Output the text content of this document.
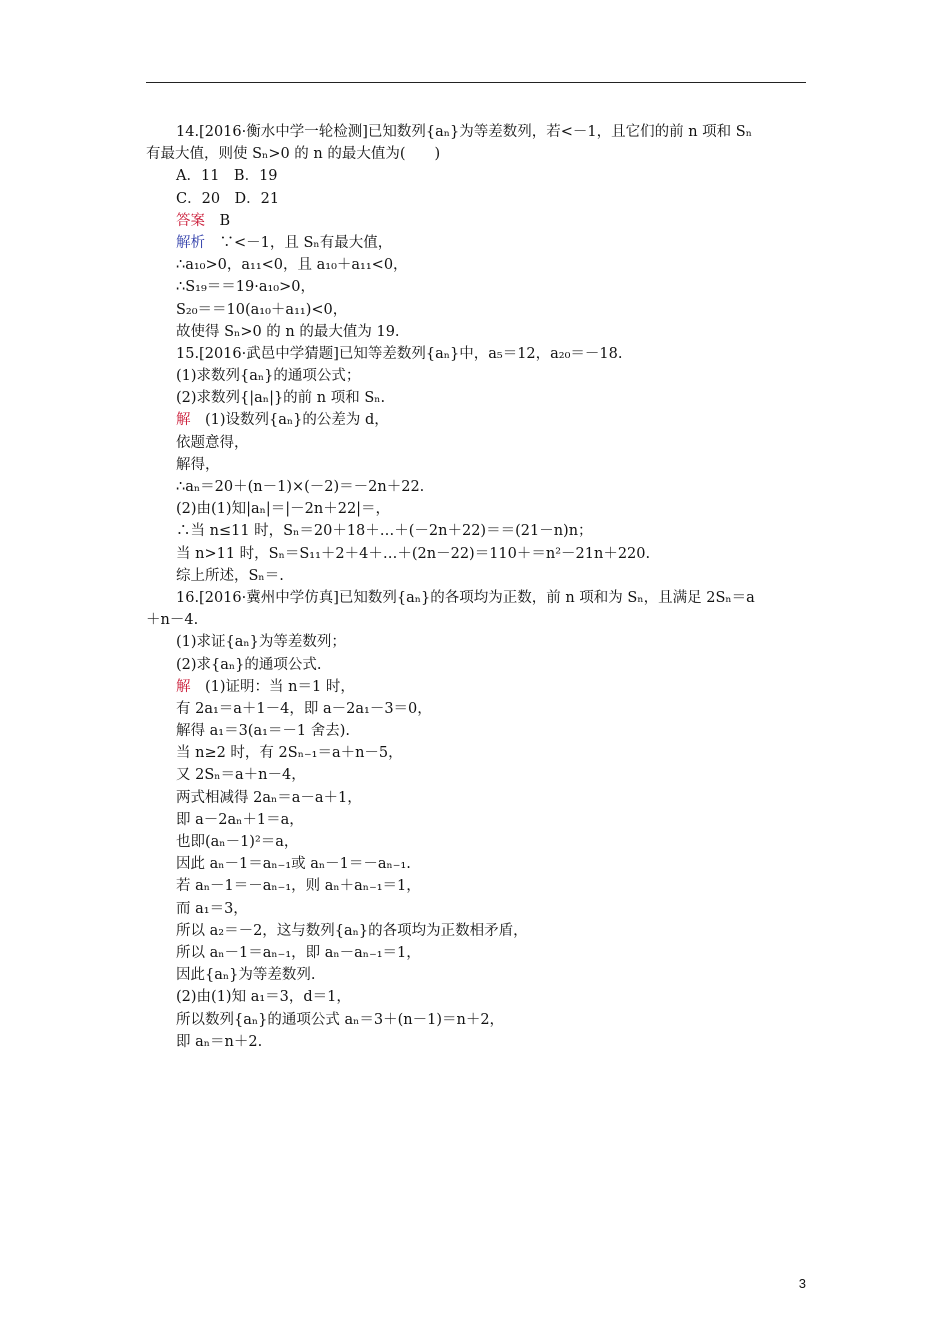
14.[2016·衡水中学一轮检测]已知数列{aₙ}为等差数列，若<－1，且它们的前 n 项和 Sₙ
有最大值，则使 Sₙ>0 的 n 的最大值为(　　)
A．11　B．19
C．20　D．21
答案　 B
解析　 ∵<－1，且 Sₙ有最大值，
∴a₁₀>0，a₁₁<0，且 a₁₀＋a₁₁<0，
∴S₁₉＝＝19·a₁₀>0，
S₂₀＝＝10(a₁₀＋a₁₁)<0，
故使得 Sₙ>0 的 n 的最大值为 19.
15.[2016·武邑中学猜题]已知等差数列{aₙ}中，a₅＝12，a₂₀＝－18.
(1)求数列{aₙ}的通项公式；
(2)求数列{|aₙ|}的前 n 项和 Sₙ.
解　 (1)设数列{aₙ}的公差为 d，
依题意得，
解得，
∴aₙ＝20＋(n－1)×(－2)＝－2n＋22.
(2)由(1)知|aₙ|＝|－2n＋22|＝，
∴当 n≤11 时，Sₙ＝20＋18＋…＋(－2n＋22)＝＝(21－n)n；
当 n>11 时，Sₙ＝S₁₁＋2＋4＋…＋(2n－22)＝110＋＝n²－21n＋220.
综上所述，Sₙ＝.
16.[2016·冀州中学仿真]已知数列{aₙ}的各项均为正数，前 n 项和为 Sₙ，且满足 2Sₙ＝a
＋n－4.
(1)求证{aₙ}为等差数列；
(2)求{aₙ}的通项公式.
解　 (1)证明：当 n＝1 时，
有 2a₁＝a＋1－4，即 a－2a₁－3＝0，
解得 a₁＝3(a₁＝－1 舍去).
当 n≥2 时，有 2Sₙ₋₁＝a＋n－5，
又 2Sₙ＝a＋n－4，
两式相减得 2aₙ＝a－a＋1，
即 a－2aₙ＋1＝a，
也即(aₙ－1)²＝a，
因此 aₙ－1＝aₙ₋₁或 aₙ－1＝－aₙ₋₁.
若 aₙ－1＝－aₙ₋₁，则 aₙ＋aₙ₋₁＝1，
而 a₁＝3，
所以 a₂＝－2，这与数列{aₙ}的各项均为正数相矛盾，
所以 aₙ－1＝aₙ₋₁，即 aₙ－aₙ₋₁＝1，
因此{aₙ}为等差数列.
(2)由(1)知 a₁＝3，d＝1，
所以数列{aₙ}的通项公式 aₙ＝3＋(n－1)＝n＋2，
即 aₙ＝n＋2.
3
